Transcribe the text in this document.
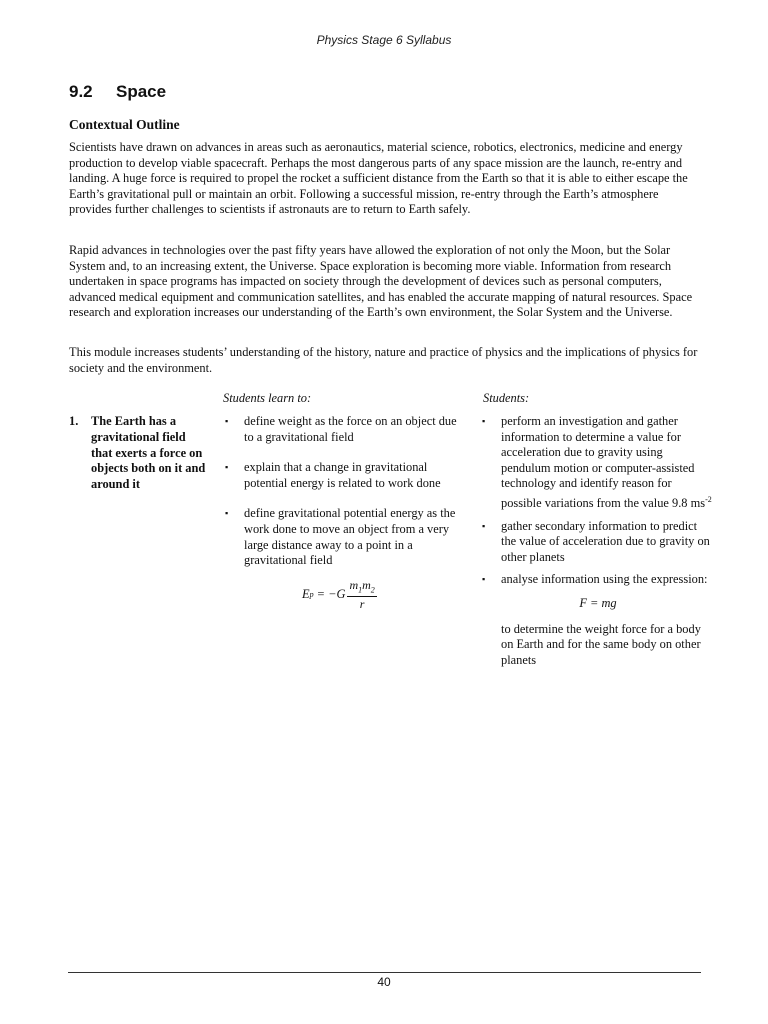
Physics Stage 6 Syllabus
9.2 Space
Contextual Outline

Scientists have drawn on advances in areas such as aeronautics, material science, robotics, electronics, medicine and energy production to develop viable spacecraft. Perhaps the most dangerous parts of any space mission are the launch, re-entry and landing. A huge force is required to propel the rocket a sufficient distance from the Earth so that it is able to either escape the Earth’s gravitational pull or maintain an orbit. Following a successful mission, re-entry through the Earth’s atmosphere provides further challenges to scientists if astronauts are to return to Earth safely.

Rapid advances in technologies over the past fifty years have allowed the exploration of not only the Moon, but the Solar System and, to an increasing extent, the Universe. Space exploration is becoming more viable. Information from research undertaken in space programs has impacted on society through the development of devices such as personal computers, advanced medical equipment and communication satellites, and has enabled the accurate mapping of natural resources. Space research and exploration increases our understanding of the Earth’s own environment, the Solar System and the Universe.

This module increases students’ understanding of the history, nature and practice of physics and the implications of physics for society and the environment.

Students learn to:	Students:
1. The Earth has a gravitational field that exerts a force on objects both on it and around it
▪ define weight as the force on an object due to a gravitational field
▪ explain that a change in gravitational potential energy is related to work done
▪ define gravitational potential energy as the work done to move an object from a very large distance away to a point in a gravitational field
E $p = -G \frac{m_1m_2}{r}$
▪ perform an investigation and gather information to determine a value for acceleration due to gravity using pendulum motion or computer-assisted technology and identify reason for possible variations from the value 9.8 $ms^{-2}$
▪ gather secondary information to predict the value of acceleration due to gravity on other planets
▪ analyse information using the expression:
F = mg
to determine the weight force for a body on Earth and for the same body on other planets
40
